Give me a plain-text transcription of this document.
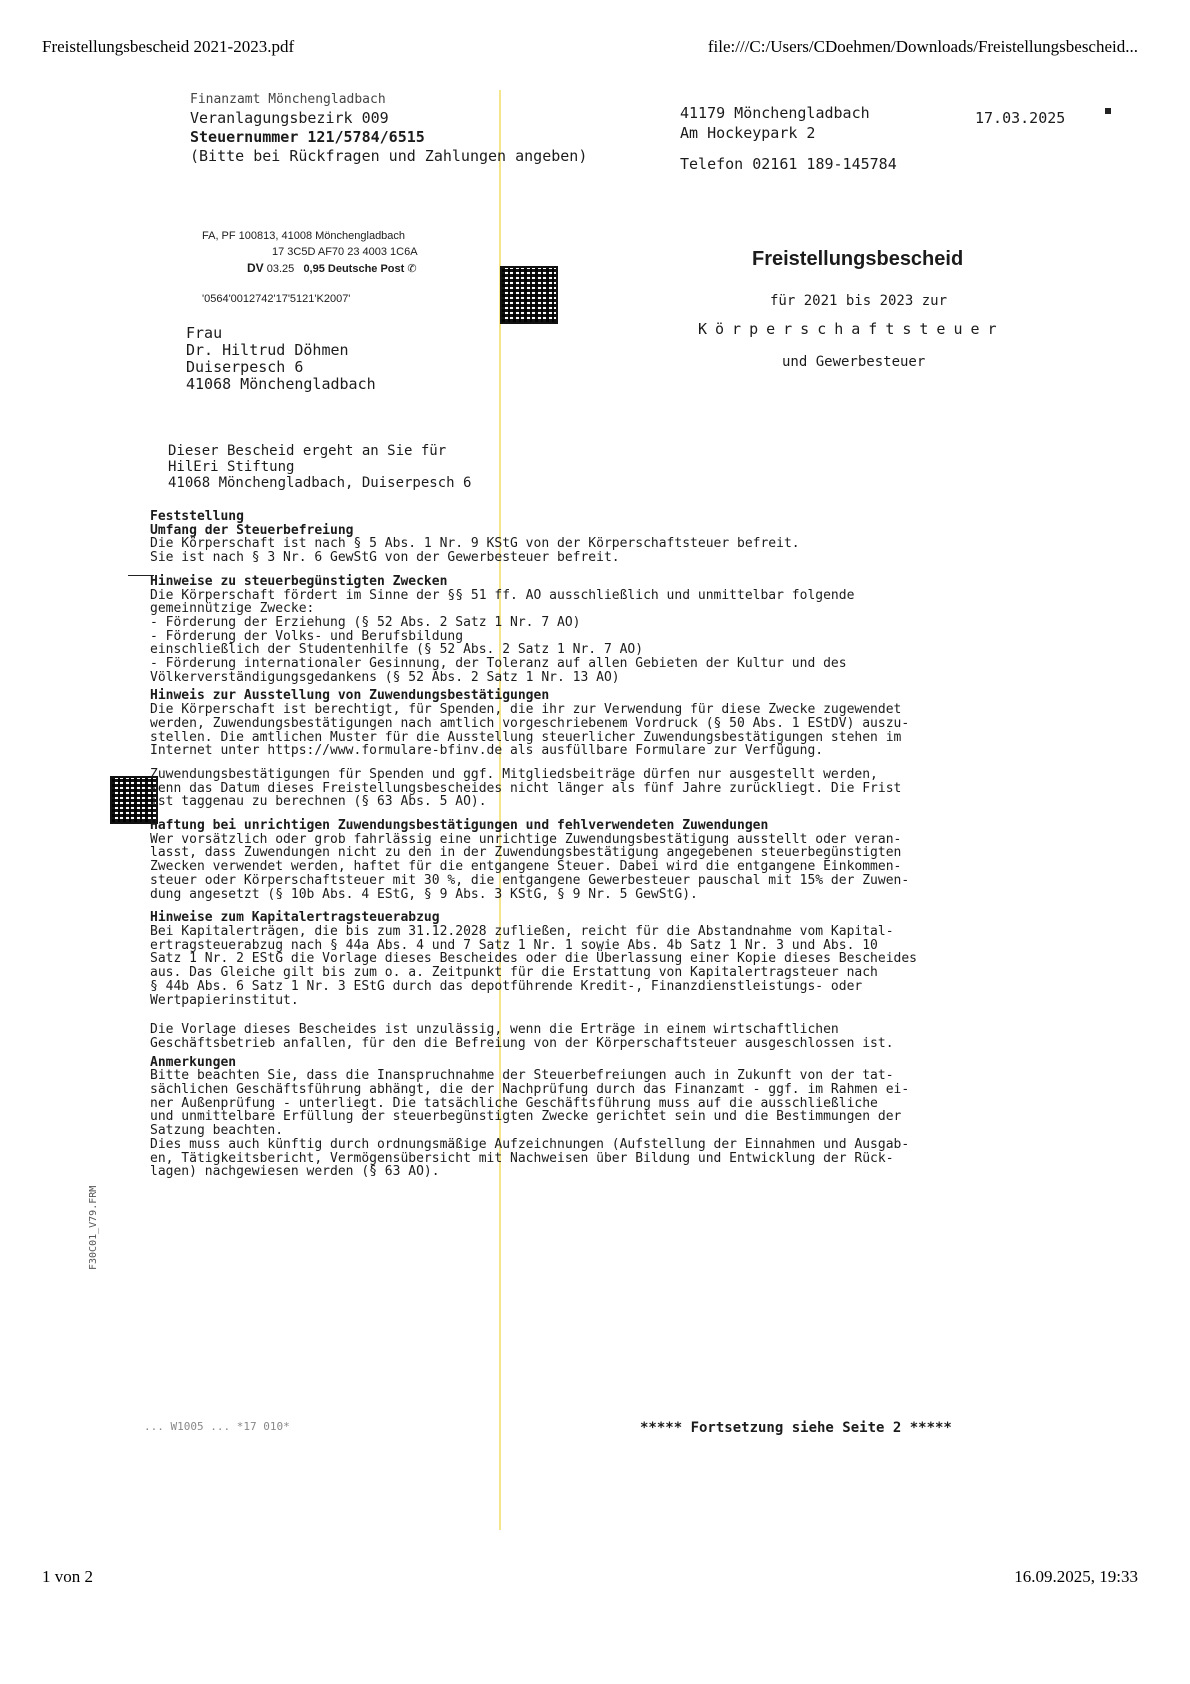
Freistellungsbescheid 2021-2023.pdf	file:///C:/Users/CDoehmen/Downloads/Freistellungsbescheid...
Finanzamt Mönchengladbach
Veranlagungsbezirk 009
Steuernummer 121/5784/6515
(Bitte bei Rückfragen und Zahlungen angeben)
41179 Mönchengladbach
Am Hockeypark 2
17.03.2025
Telefon 02161 189-145784
FA, PF 100813, 41008 Mönchengladbach
17 3C5D AF70 23 4003 1C6A
DV 03.25 0,95 Deutsche Post ✆
'0564'0012742'17'5121'K2007'
Freistellungsbescheid
für 2021 bis 2023 zur
Körperschaftsteuer
und Gewerbesteuer
Frau
Dr. Hiltrud Döhmen
Duiserpesch 6
41068 Mönchengladbach
Dieser Bescheid ergeht an Sie für
HilEri Stiftung
41068 Mönchengladbach, Duiserpesch 6
Feststellung
Umfang der Steuerbefreiung
Die Körperschaft ist nach § 5 Abs. 1 Nr. 9 KStG von der Körperschaftsteuer befreit.
Sie ist nach § 3 Nr. 6 GewStG von der Gewerbesteuer befreit.
Hinweise zu steuerbegünstigten Zwecken
Die Körperschaft fördert im Sinne der §§ 51 ff. AO ausschließlich und unmittelbar folgende
gemeinnützige Zwecke:
- Förderung der Erziehung (§ 52 Abs. 2 Satz 1 Nr. 7 AO)
- Förderung der Volks- und Berufsbildung
einschließlich der Studentenhilfe (§ 52 Abs. 2 Satz 1 Nr. 7 AO)
- Förderung internationaler Gesinnung, der Toleranz auf allen Gebieten der Kultur und des
Völkerverständigungsgedankens (§ 52 Abs. 2 Satz 1 Nr. 13 AO)
Hinweis zur Ausstellung von Zuwendungsbestätigungen
Die Körperschaft ist berechtigt, für Spenden, die ihr zur Verwendung für diese Zwecke zugewendet
werden, Zuwendungsbestätigungen nach amtlich vorgeschriebenem Vordruck (§ 50 Abs. 1 EStDV) auszu-
stellen. Die amtlichen Muster für die Ausstellung steuerlicher Zuwendungsbestätigungen stehen im
Internet unter https://www.formulare-bfinv.de als ausfüllbare Formulare zur Verfügung.
Zuwendungsbestätigungen für Spenden und ggf. Mitgliedsbeiträge dürfen nur ausgestellt werden,
wenn das Datum dieses Freistellungsbescheides nicht länger als fünf Jahre zurückliegt. Die Frist
ist taggenau zu berechnen (§ 63 Abs. 5 AO).
Haftung bei unrichtigen Zuwendungsbestätigungen und fehlverwendeten Zuwendungen
Wer vorsätzlich oder grob fahrlässig eine unrichtige Zuwendungsbestätigung ausstellt oder veran-
lasst, dass Zuwendungen nicht zu den in der Zuwendungsbestätigung angegebenen steuerbegünstigten
Zwecken verwendet werden, haftet für die entgangene Steuer. Dabei wird die entgangene Einkommen-
steuer oder Körperschaftsteuer mit 30 %, die entgangene Gewerbesteuer pauschal mit 15% der Zuwen-
dung angesetzt (§ 10b Abs. 4 EStG, § 9 Abs. 3 KStG, § 9 Nr. 5 GewStG).
Hinweise zum Kapitalertragsteuerabzug
Bei Kapitalerträgen, die bis zum 31.12.2028 zufließen, reicht für die Abstandnahme vom Kapital-
ertragsteuerabzug nach § 44a Abs. 4 und 7 Satz 1 Nr. 1 sowie Abs. 4b Satz 1 Nr. 3 und Abs. 10
Satz 1 Nr. 2 EStG die Vorlage dieses Bescheides oder die Überlassung einer Kopie dieses Bescheides
aus. Das Gleiche gilt bis zum o. a. Zeitpunkt für die Erstattung von Kapitalertragsteuer nach
§ 44b Abs. 6 Satz 1 Nr. 3 EStG durch das depotführende Kredit-, Finanzdienstleistungs- oder
Wertpapierinstitut.
Die Vorlage dieses Bescheides ist unzulässig, wenn die Erträge in einem wirtschaftlichen
Geschäftsbetrieb anfallen, für den die Befreiung von der Körperschaftsteuer ausgeschlossen ist.
Anmerkungen
Bitte beachten Sie, dass die Inanspruchnahme der Steuerbefreiungen auch in Zukunft von der tat-
sächlichen Geschäftsführung abhängt, die der Nachprüfung durch das Finanzamt - ggf. im Rahmen ei-
ner Außenprüfung - unterliegt. Die tatsächliche Geschäftsführung muss auf die ausschließliche
und unmittelbare Erfüllung der steuerbegünstigten Zwecke gerichtet sein und die Bestimmungen der
Satzung beachten.
Dies muss auch künftig durch ordnungsmäßige Aufzeichnungen (Aufstellung der Einnahmen und Ausgab-
en, Tätigkeitsbericht, Vermögensübersicht mit Nachweisen über Bildung und Entwicklung der Rück-
lagen) nachgewiesen werden (§ 63 AO).
F30C01_V79.FRM
... W1005 ... *17 010*	***** Fortsetzung siehe Seite 2 *****
1 von 2	16.09.2025, 19:33
